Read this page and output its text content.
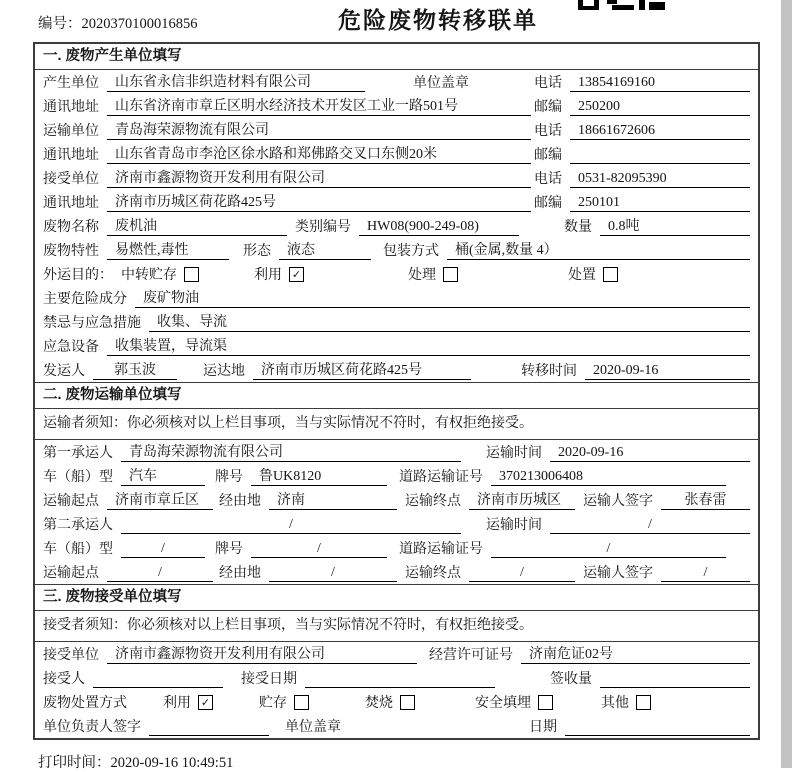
编号：2020370100016856	危险废物转移联单
一. 废物产生单位填写
产生单位	山东省永信非织造材料有限公司	单位盖章	电话	13854169160
通讯地址	山东省济南市章丘区明水经济技术开发区工业一路501号	邮编	250200
运输单位	青岛海荣源物流有限公司	电话	18661672606
通讯地址	山东省青岛市李沧区徐水路和郑佛路交叉口东侧20米	邮编
接受单位	济南市鑫源物资开发利用有限公司	电话	0531-82095390
通讯地址	济南市历城区荷花路425号	邮编	250101
废物名称	废机油	类别编号	HW08(900-249-08)	数量	0.8吨
废物特性	易燃性,毒性	形态	液态	包装方式	桶(金属,数量 4）
外运目的： 中转贮存	利用 ✓	处理	处置
主要危险成分	废矿物油
禁忌与应急措施	收集、导流
应急设备	收集装置，导流渠
发运人	郭玉波	运达地	济南市历城区荷花路425号	转移时间	2020-09-16
二. 废物运输单位填写
运输者须知：你必须核对以上栏目事项，当与实际情况不符时，有权拒绝接受。
第一承运人	青岛海荣源物流有限公司	运输时间	2020-09-16
车（船）型	汽车	牌号	鲁UK8120	道路运输证号	370213006408
运输起点	济南市章丘区	经由地	济南	运输终点	济南市历城区	运输人签字	张春雷
第二承运人	/	运输时间	/
车（船）型	/	牌号	/	道路运输证号	/
运输起点	/	经由地	/	运输终点	/	运输人签字	/
三. 废物接受单位填写
接受者须知：你必须核对以上栏目事项，当与实际情况不符时，有权拒绝接受。
接受单位	济南市鑫源物资开发利用有限公司	经营许可证号	济南危证02号
接受人	接受日期	签收量
废物处置方式	利用 ✓	贮存	焚烧	安全填埋	其他
单位负责人签字	单位盖章	日期
打印时间：2020-09-16 10:49:51
